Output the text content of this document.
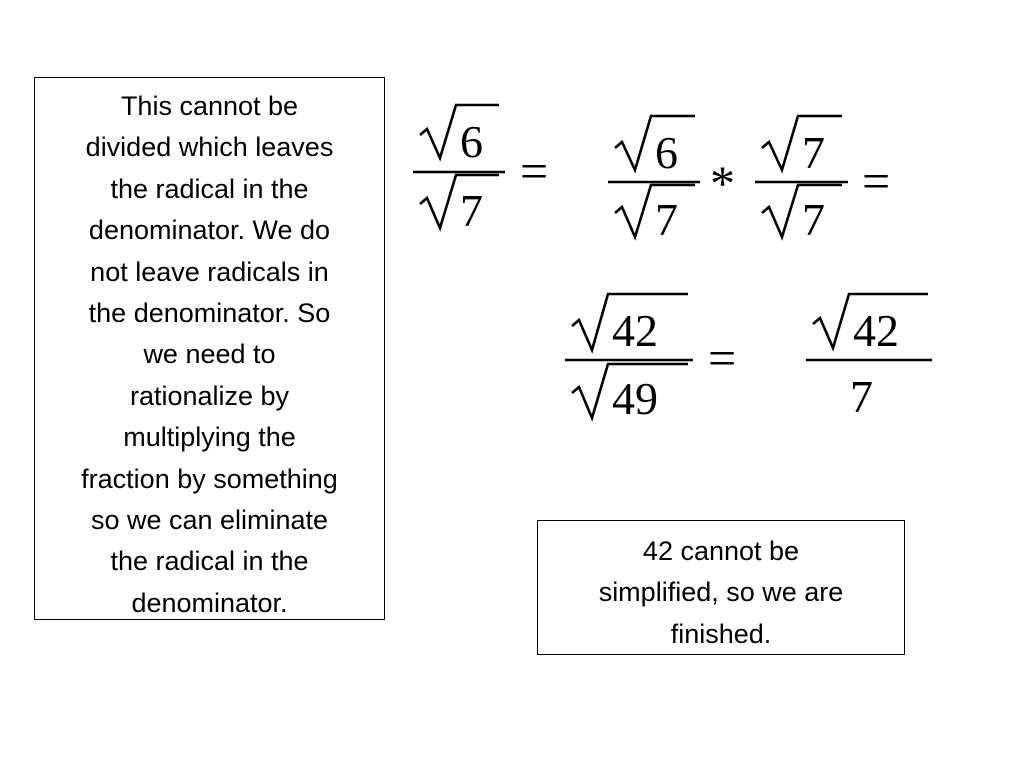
This cannot be
divided which leaves
the radical in the
denominator. We do
not leave radicals in
the denominator. So
we need to
rationalize by
multiplying the
fraction by something
so we can eliminate
the radical in the
denominator.
6
7
= 6
7
*
7
7
=
42
49
=	42
7
42 cannot be
simplified, so we are
finished.
